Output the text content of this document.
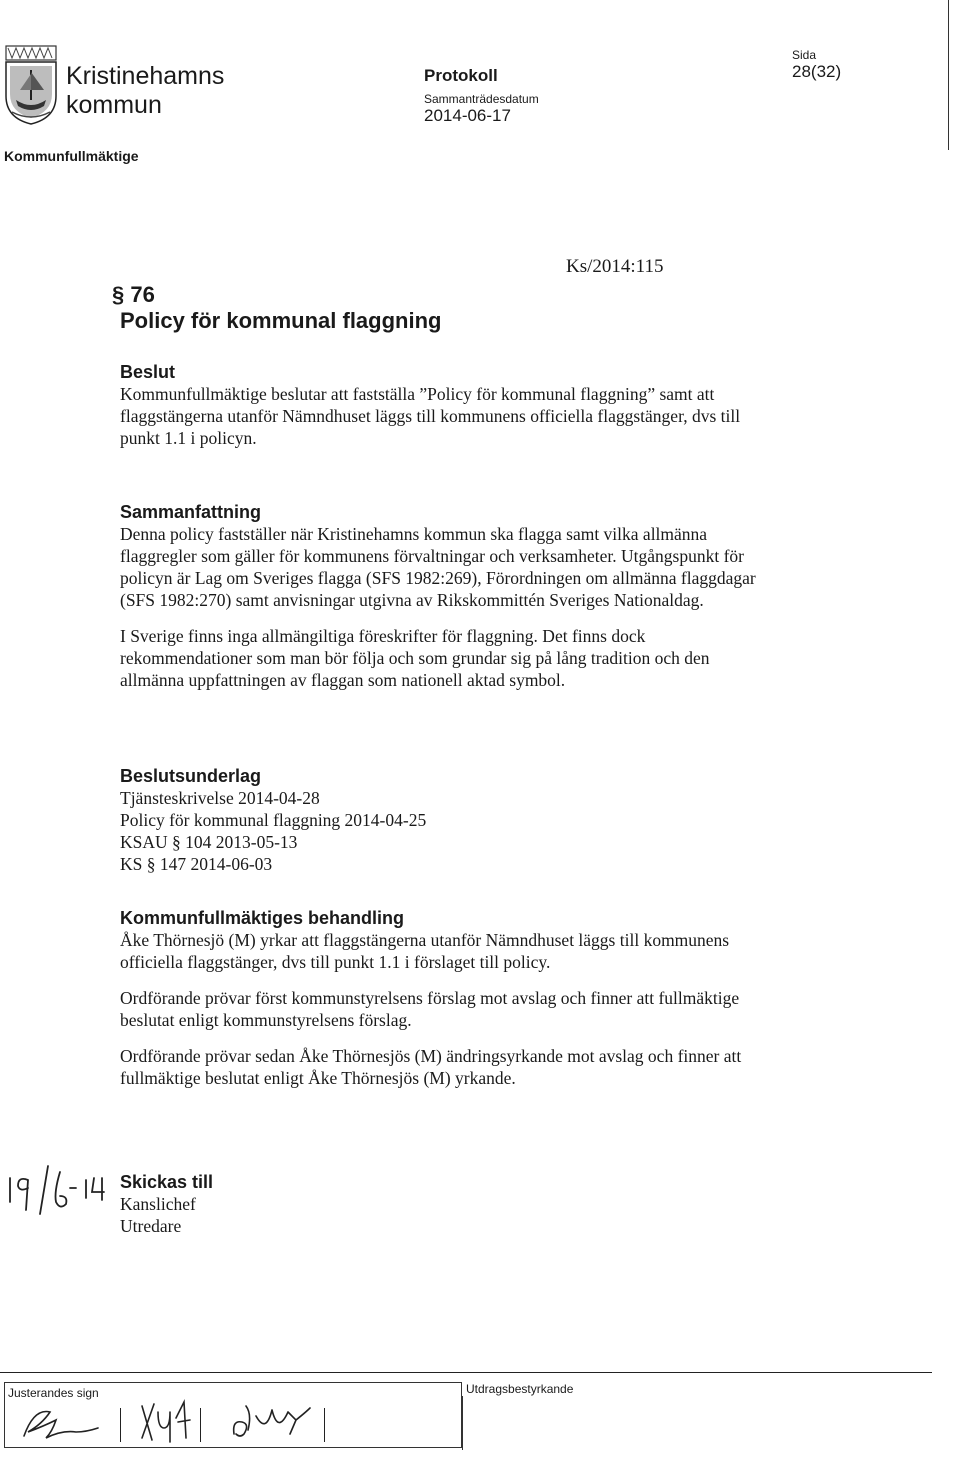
Kristinehamns
kommun
Protokoll
Sammanträdesdatum
2014-06-17
Sida
28(32)
Kommunfullmäktige
Ks/2014:115
§ 76
Policy för kommunal flaggning
Beslut

Kommunfullmäktige beslutar att fastställa ”Policy för kommunal flaggning” samt att flaggstängerna utanför Nämndhuset läggs till kommunens officiella flaggstänger, dvs till punkt 1.1 i policyn.

Sammanfattning

Denna policy fastställer när Kristinehamns kommun ska flagga samt vilka allmänna flaggregler som gäller för kommunens förvaltningar och verksamheter. Utgångspunkt för policyn är Lag om Sveriges flagga (SFS 1982:269), Förordningen om allmänna flaggdagar (SFS 1982:270) samt anvisningar utgivna av Rikskommittén Sveriges Nationaldag.

I Sverige finns inga allmängiltiga föreskrifter för flaggning. Det finns dock rekommendationer som man bör följa och som grundar sig på lång tradition och den allmänna uppfattningen av flaggan som nationell aktad symbol.

Beslutsunderlag

Tjänsteskrivelse 2014-04-28

Policy för kommunal flaggning 2014-04-25

KSAU § 104 2013-05-13

KS § 147 2014-06-03

Kommunfullmäktiges behandling

Åke Thörnesjö (M) yrkar att flaggstängerna utanför Nämndhuset läggs till kommunens officiella flaggstänger, dvs till punkt 1.1 i förslaget till policy.

Ordförande prövar först kommunstyrelsens förslag mot avslag och finner att fullmäktige beslutat enligt kommunstyrelsens förslag.

Ordförande prövar sedan Åke Thörnesjös (M) ändringsyrkande mot avslag och finner att fullmäktige beslutat enligt Åke Thörnesjös (M) yrkande.

Skickas till

Kanslichef

Utredare

Justerandes sign	Utdragsbestyrkande
